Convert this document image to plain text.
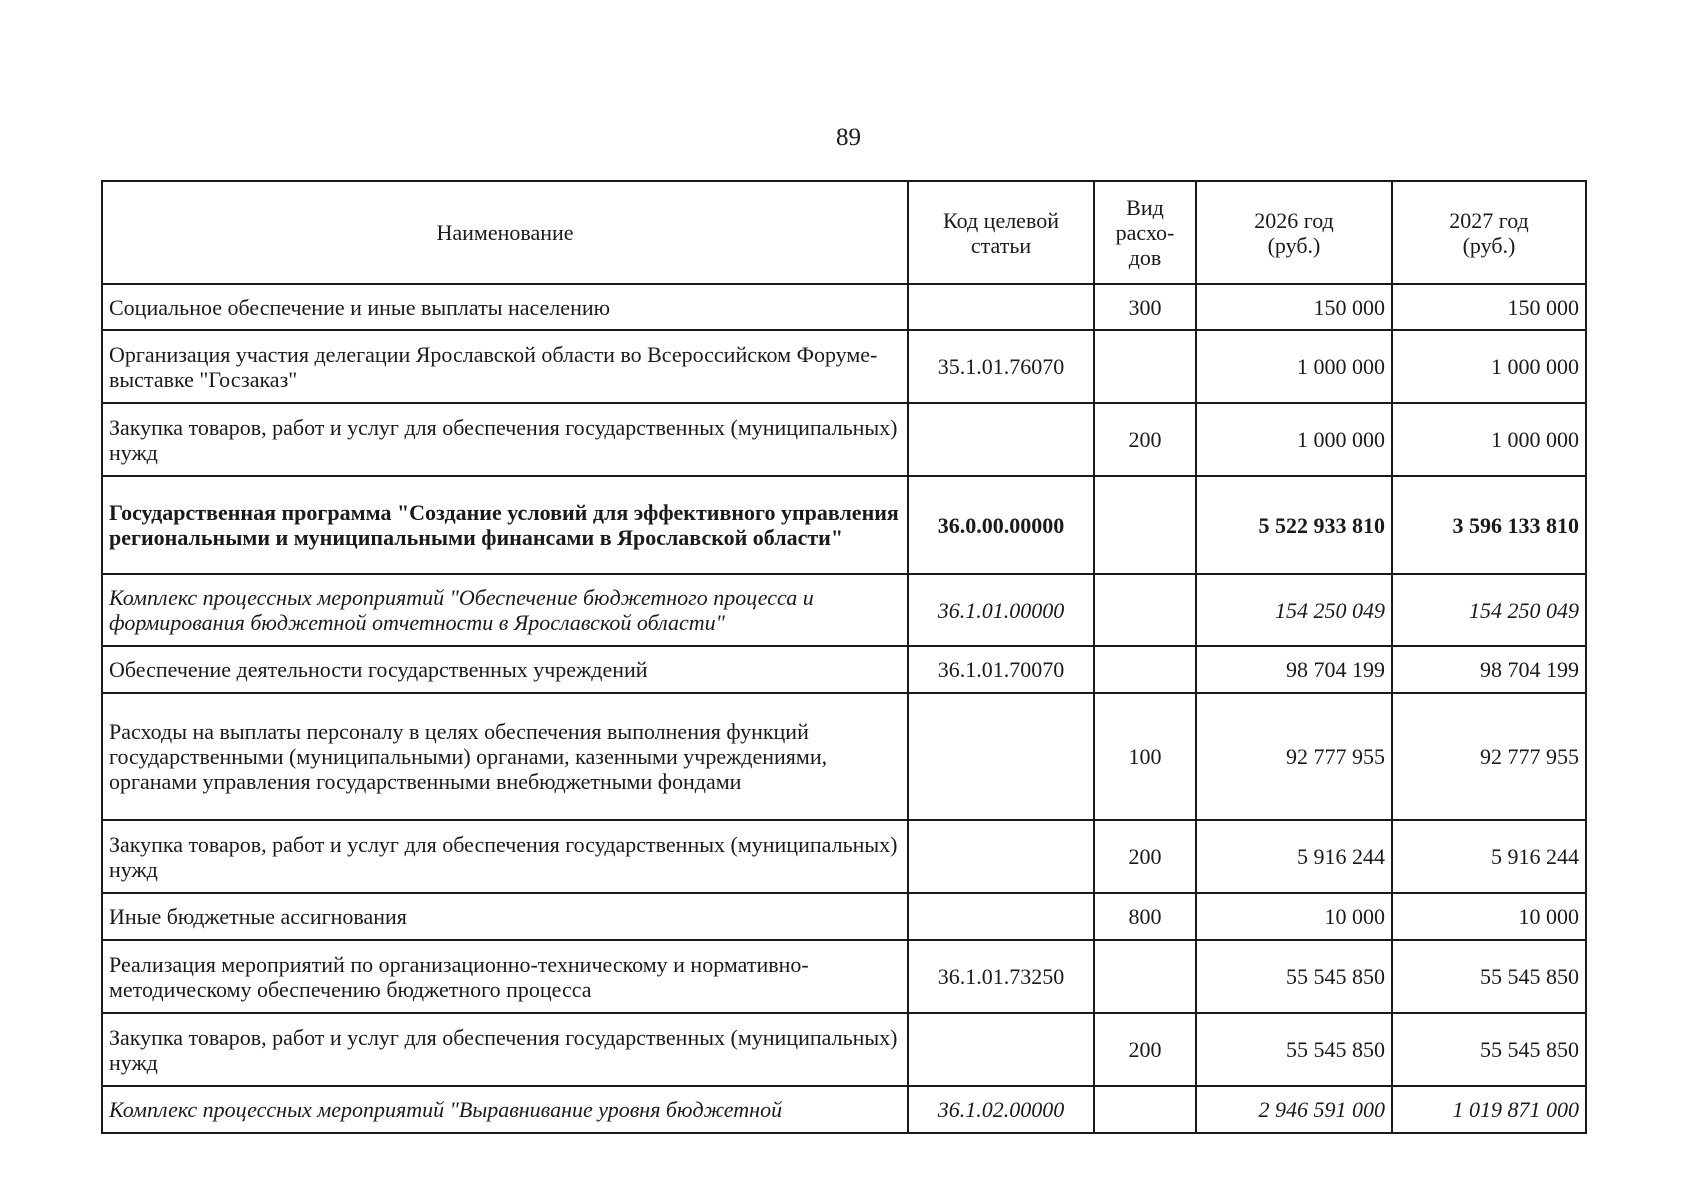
89
Наименование	Код целевой статьи	Вид расхо-дов	2026 год (руб.)	2027 год (руб.)
Социальное обеспечение и иные выплаты населению		300	150 000	150 000
Организация участия делегации Ярославской области во Всероссийском Форуме-выставке "Госзаказ"	35.1.01.76070		1 000 000	1 000 000
Закупка товаров, работ и услуг для обеспечения государственных (муниципальных) нужд		200	1 000 000	1 000 000
Государственная программа "Создание условий для эффективного управления региональными и муниципальными финансами в Ярославской области"	36.0.00.00000		5 522 933 810	3 596 133 810
Комплекс процессных мероприятий "Обеспечение бюджетного процесса и формирования бюджетной отчетности в Ярославской области"	36.1.01.00000		154 250 049	154 250 049
Обеспечение деятельности государственных учреждений	36.1.01.70070		98 704 199	98 704 199
Расходы на выплаты персоналу в целях обеспечения выполнения функций государственными (муниципальными) органами, казенными учреждениями, органами управления государственными внебюджетными фондами		100	92 777 955	92 777 955
Закупка товаров, работ и услуг для обеспечения государственных (муниципальных) нужд		200	5 916 244	5 916 244
Иные бюджетные ассигнования		800	10 000	10 000
Реализация мероприятий по организационно-техническому и нормативно-методическому обеспечению бюджетного процесса	36.1.01.73250		55 545 850	55 545 850
Закупка товаров, работ и услуг для обеспечения государственных (муниципальных) нужд		200	55 545 850	55 545 850
Комплекс процессных мероприятий "Выравнивание уровня бюджетной	36.1.02.00000		2 946 591 000	1 019 871 000
